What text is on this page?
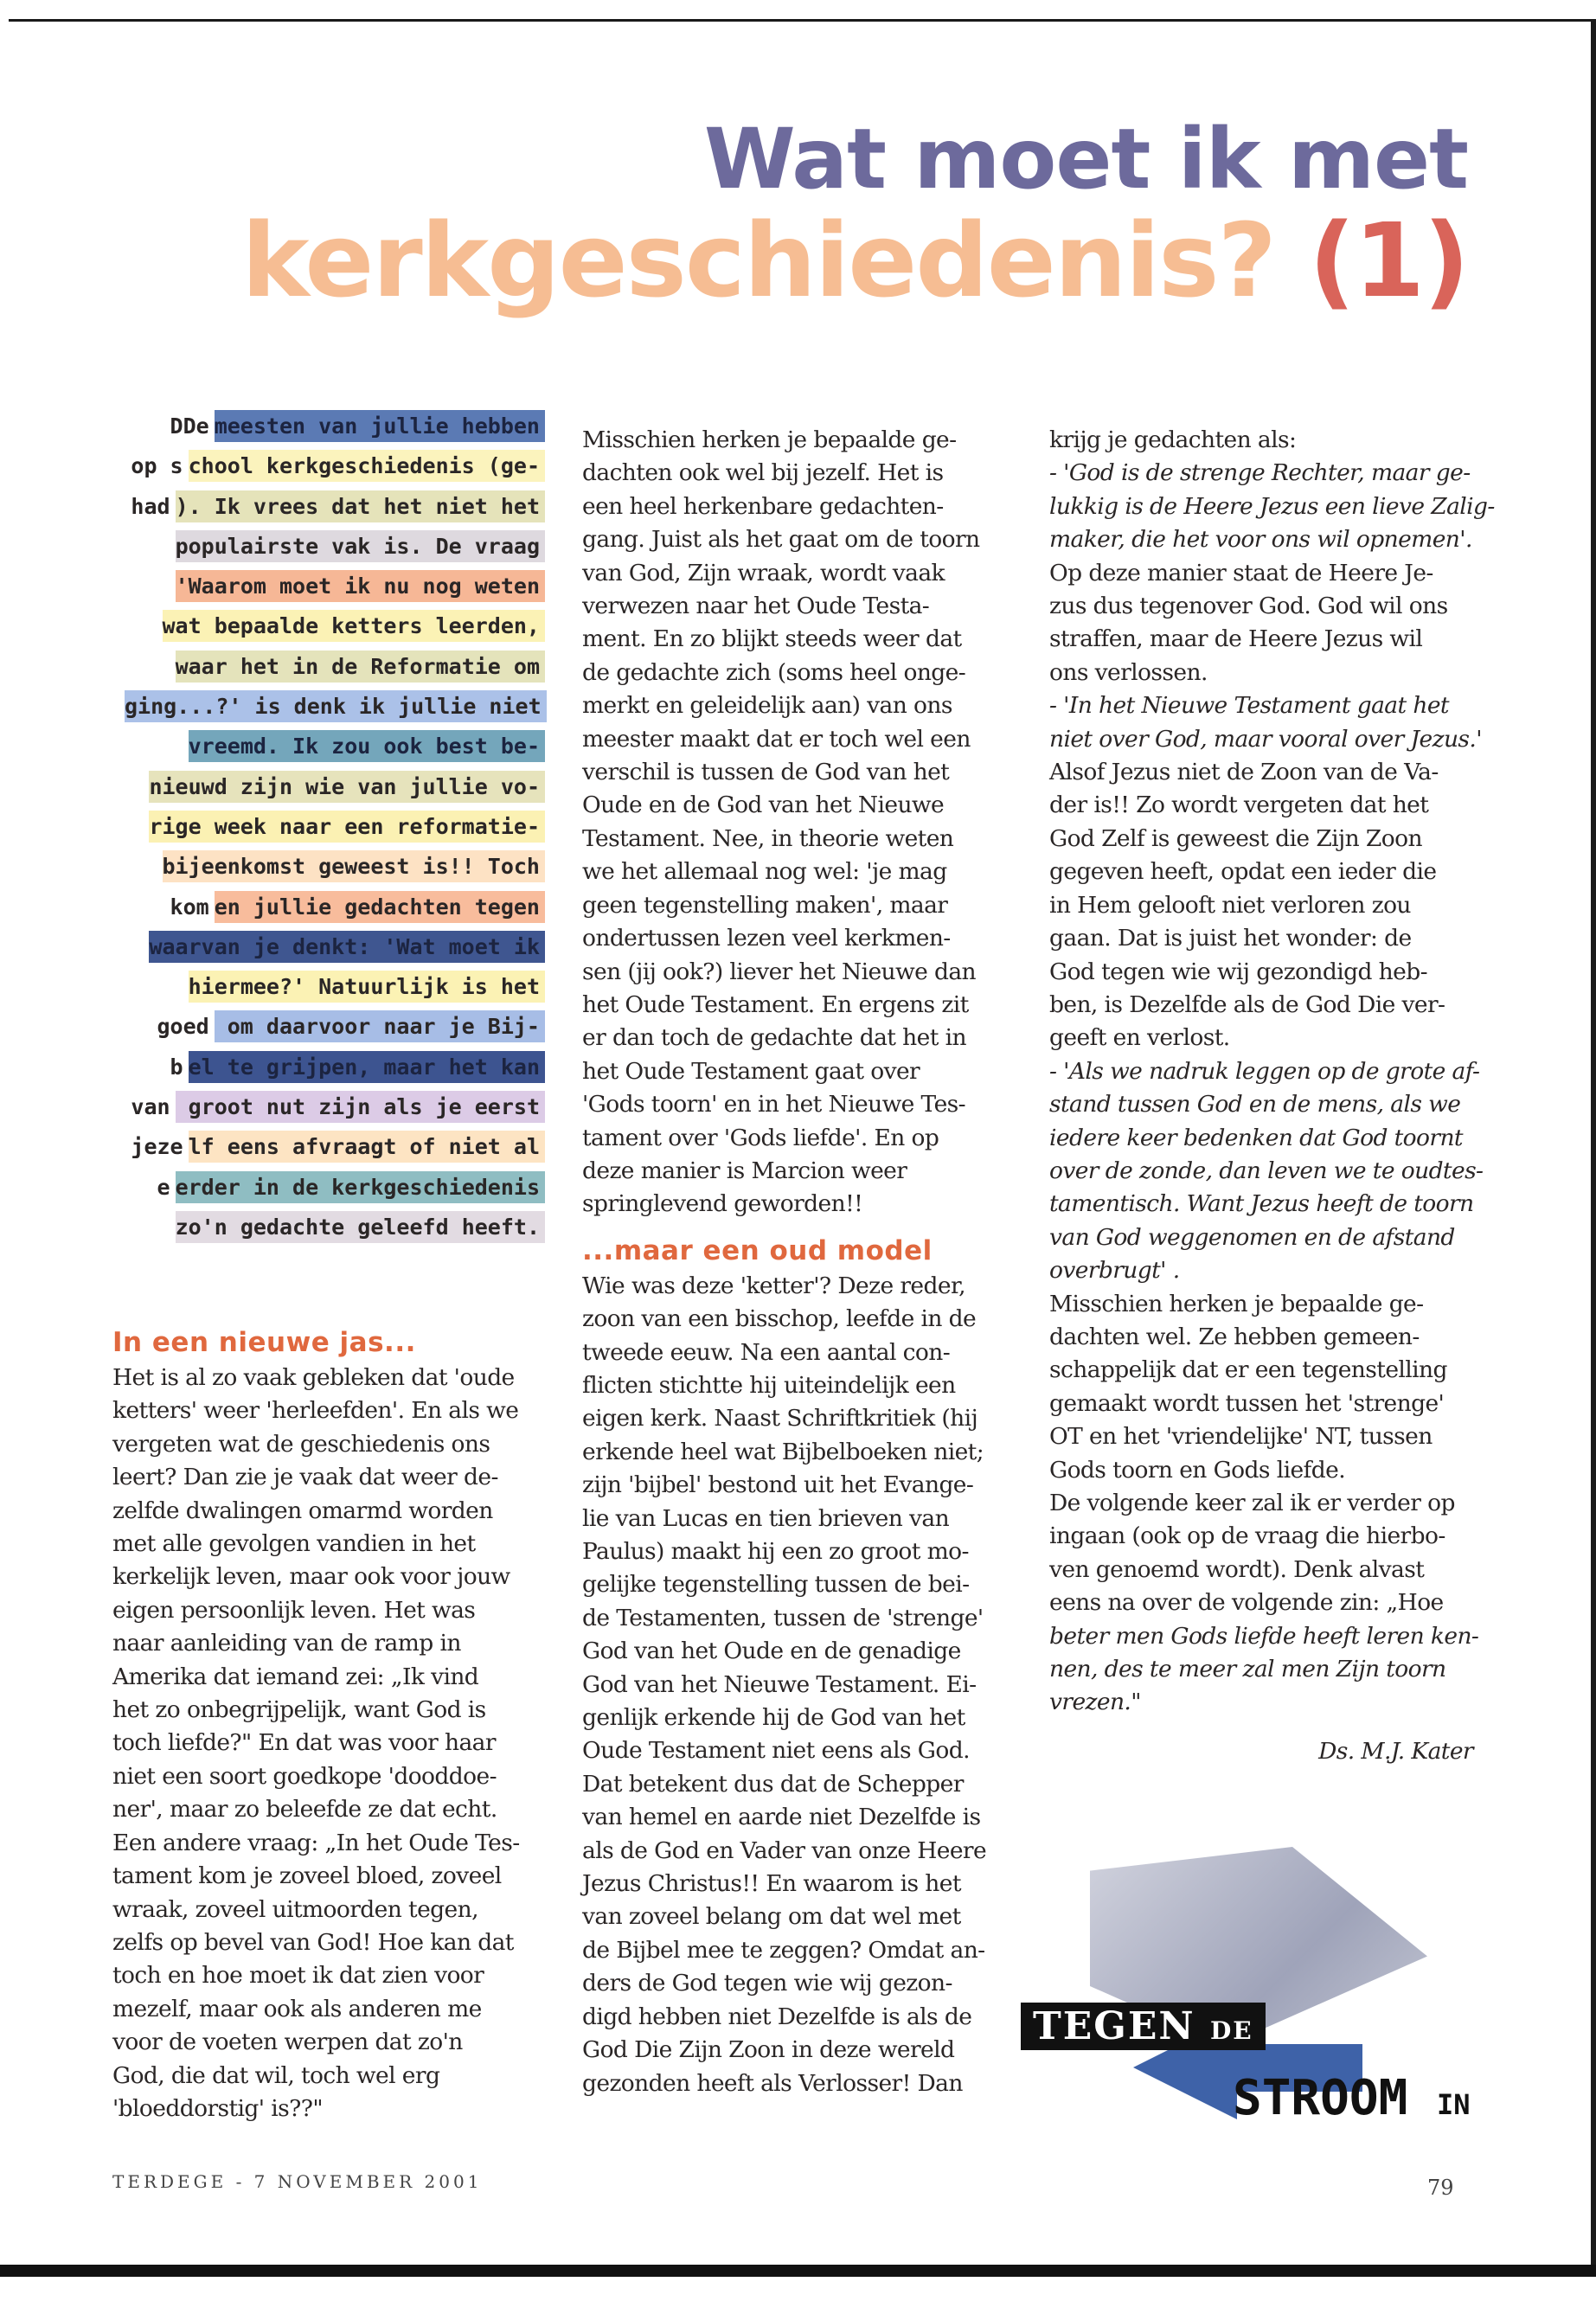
Wat moet ik met
kerkgeschiedenis? (1)
DDe meesten van jullie hebben
op s chool kerkgeschiedenis (ge-
had ). Ik vrees dat het niet het
populairste vak is. De vraag
'Waarom moet ik nu nog weten
wat bepaalde ketters leerden,
waar het in de Reformatie om
ging...?' is denk ik jullie niet
vreemd. Ik zou ook best be-
nieuwd zijn wie van jullie vo-
rige week naar een reformatie-
bijeenkomst geweest is!! Toch
kom en jullie gedachten tegen
waarvan je denkt: 'Wat moet ik
hiermee?' Natuurlijk is het
goed om daarvoor naar je Bij-
b el te grijpen, maar het kan
van groot nut zijn als je eerst
jeze lf eens afvraagt of niet al
e erder in de kerkgeschiedenis
zo'n gedachte geleefd heeft.
In een nieuwe jas...
Het is al zo vaak gebleken dat 'oude
ketters' weer 'herleefden'. En als we
vergeten wat de geschiedenis ons
leert? Dan zie je vaak dat weer de-
zelfde dwalingen omarmd worden
met alle gevolgen vandien in het
kerkelijk leven, maar ook voor jouw
eigen persoonlijk leven. Het was
naar aanleiding van de ramp in
Amerika dat iemand zei: „Ik vind
het zo onbegrijpelijk, want God is
toch liefde?" En dat was voor haar
niet een soort goedkope 'dooddoe-
ner', maar zo beleefde ze dat echt.
Een andere vraag: „In het Oude Tes-
tament kom je zoveel bloed, zoveel
wraak, zoveel uitmoorden tegen,
zelfs op bevel van God! Hoe kan dat
toch en hoe moet ik dat zien voor
mezelf, maar ook als anderen me
voor de voeten werpen dat zo'n
God, die dat wil, toch wel erg
'bloeddorstig' is??"
Misschien herken je bepaalde ge-
dachten ook wel bij jezelf. Het is
een heel herkenbare gedachten-
gang. Juist als het gaat om de toorn
van God, Zijn wraak, wordt vaak
verwezen naar het Oude Testa-
ment. En zo blijkt steeds weer dat
de gedachte zich (soms heel onge-
merkt en geleidelijk aan) van ons
meester maakt dat er toch wel een
verschil is tussen de God van het
Oude en de God van het Nieuwe
Testament. Nee, in theorie weten
we het allemaal nog wel: 'je mag
geen tegenstelling maken', maar
ondertussen lezen veel kerkmen-
sen (jij ook?) liever het Nieuwe dan
het Oude Testament. En ergens zit
er dan toch de gedachte dat het in
het Oude Testament gaat over
'Gods toorn' en in het Nieuwe Tes-
tament over 'Gods liefde'. En op
deze manier is Marcion weer
springlevend geworden!!
...maar een oud model
Wie was deze 'ketter'? Deze reder,
zoon van een bisschop, leefde in de
tweede eeuw. Na een aantal con-
flicten stichtte hij uiteindelijk een
eigen kerk. Naast Schriftkritiek (hij
erkende heel wat Bijbelboeken niet;
zijn 'bijbel' bestond uit het Evange-
lie van Lucas en tien brieven van
Paulus) maakt hij een zo groot mo-
gelijke tegenstelling tussen de bei-
de Testamenten, tussen de 'strenge'
God van het Oude en de genadige
God van het Nieuwe Testament. Ei-
genlijk erkende hij de God van het
Oude Testament niet eens als God.
Dat betekent dus dat de Schepper
van hemel en aarde niet Dezelfde is
als de God en Vader van onze Heere
Jezus Christus!! En waarom is het
van zoveel belang om dat wel met
de Bijbel mee te zeggen? Omdat an-
ders de God tegen wie wij gezon-
digd hebben niet Dezelfde is als de
God Die Zijn Zoon in deze wereld
gezonden heeft als Verlosser! Dan
krijg je gedachten als:
- 'God is de strenge Rechter, maar ge-
lukkig is de Heere Jezus een lieve Zalig-
maker, die het voor ons wil opnemen'.
Op deze manier staat de Heere Je-
zus dus tegenover God. God wil ons
straffen, maar de Heere Jezus wil
ons verlossen.
- 'In het Nieuwe Testament gaat het
niet over God, maar vooral over Jezus.'
Alsof Jezus niet de Zoon van de Va-
der is!! Zo wordt vergeten dat het
God Zelf is geweest die Zijn Zoon
gegeven heeft, opdat een ieder die
in Hem gelooft niet verloren zou
gaan. Dat is juist het wonder: de
God tegen wie wij gezondigd heb-
ben, is Dezelfde als de God Die ver-
geeft en verlost.
- 'Als we nadruk leggen op de grote af-
stand tussen God en de mens, als we
iedere keer bedenken dat God toornt
over de zonde, dan leven we te oudtes-
tamentisch. Want Jezus heeft de toorn
van God weggenomen en de afstand
overbrugt' .
Misschien herken je bepaalde ge-
dachten wel. Ze hebben gemeen-
schappelijk dat er een tegenstelling
gemaakt wordt tussen het 'strenge'
OT en het 'vriendelijke' NT, tussen
Gods toorn en Gods liefde.
De volgende keer zal ik er verder op
ingaan (ook op de vraag die hierbo-
ven genoemd wordt). Denk alvast
eens na over de volgende zin: „Hoe
beter men Gods liefde heeft leren ken-
nen, des te meer zal men Zijn toorn
vrezen."
Ds. M.J. Kater
TEGEN DE
STROOM IN
TERDEGE - 7 NOVEMBER 2001	79
